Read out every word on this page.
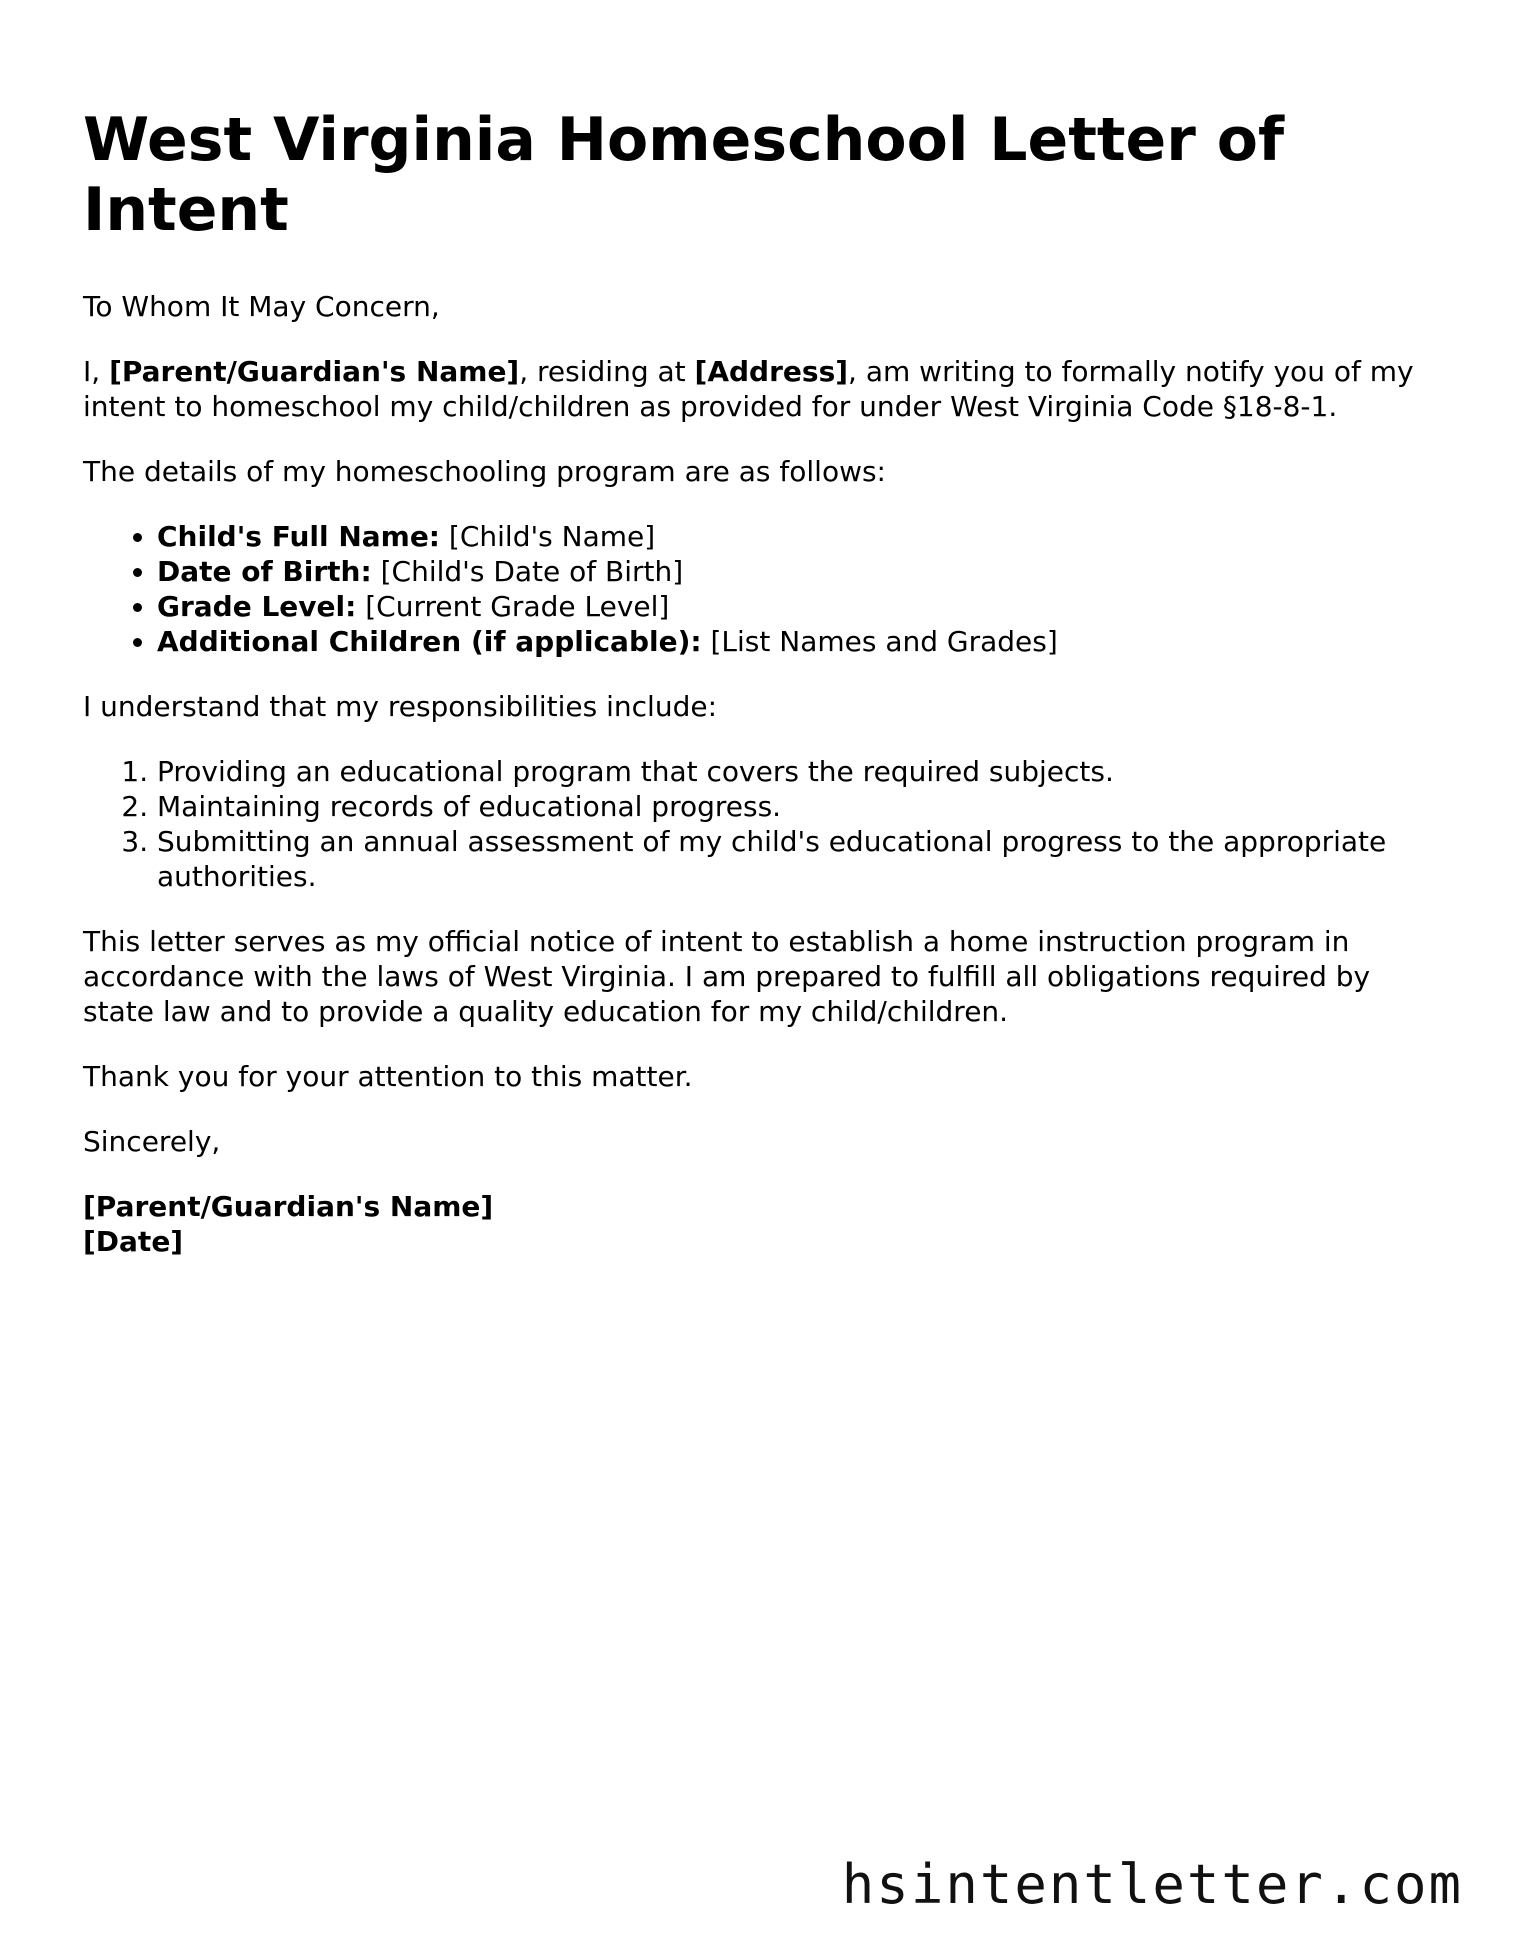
West Virginia Homeschool Letter of Intent

To Whom It May Concern,

I, [Parent/Guardian's Name], residing at [Address], am writing to formally notify you of my intent to homeschool my child/children as provided for under West Virginia Code §18-8-1.

The details of my homeschooling program are as follows:

• Child's Full Name: [Child's Name]
• Date of Birth: [Child's Date of Birth]
• Grade Level: [Current Grade Level]
• Additional Children (if applicable): [List Names and Grades]

I understand that my responsibilities include:

1. Providing an educational program that covers the required subjects.
2. Maintaining records of educational progress.
3. Submitting an annual assessment of my child's educational progress to the appropriate authorities.

This letter serves as my official notice of intent to establish a home instruction program in accordance with the laws of West Virginia. I am prepared to fulfill all obligations required by state law and to provide a quality education for my child/children.

Thank you for your attention to this matter.

Sincerely,

[Parent/Guardian's Name]
[Date]
hsintentletter.com
